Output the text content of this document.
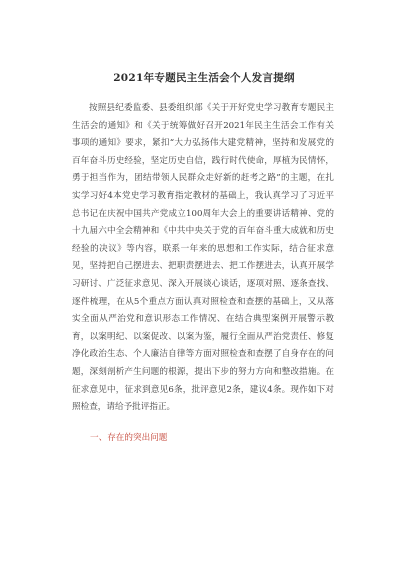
2021年专题民主生活会个人发言提纲

按照县纪委监委、县委组织部《关于开好党史学习教育专题民主生活会的通知》和《关于统筹做好召开2021年民主生活会工作有关事项的通知》要求，紧扣“大力弘扬伟大建党精神，坚持和发展党的百年奋斗历史经验，坚定历史自信，践行时代使命，厚植为民情怀，勇于担当作为，团结带领人民群众走好新的赶考之路”的主题，在扎实学习好4本党史学习教育指定教材的基础上，我认真学习了习近平总书记在庆祝中国共产党成立100周年大会上的重要讲话精神、党的十九届六中全会精神和《中共中央关于党的百年奋斗重大成就和历史经验的决议》等内容，联系一年来的思想和工作实际，结合征求意见，坚持把自己摆进去、把职责摆进去、把工作摆进去，认真开展学习研讨、广泛征求意见、深入开展谈心谈话，逐项对照、逐条查找、逐件梳理，在从5个重点方面认真对照检查和查摆的基础上，又从落实全面从严治党和意识形态工作情况、在结合典型案例开展警示教育，以案明纪、以案促改、以案为鉴，履行全面从严治党责任、修复净化政治生态、个人廉洁自律等方面对照检查和查摆了自身存在的问题，深刻剖析产生问题的根源，提出下步的努力方向和整改措施。在征求意见中，征求到意见6条，批评意见2条，建议4条。现作如下对照检查，请给予批评指正。

一、存在的突出问题
